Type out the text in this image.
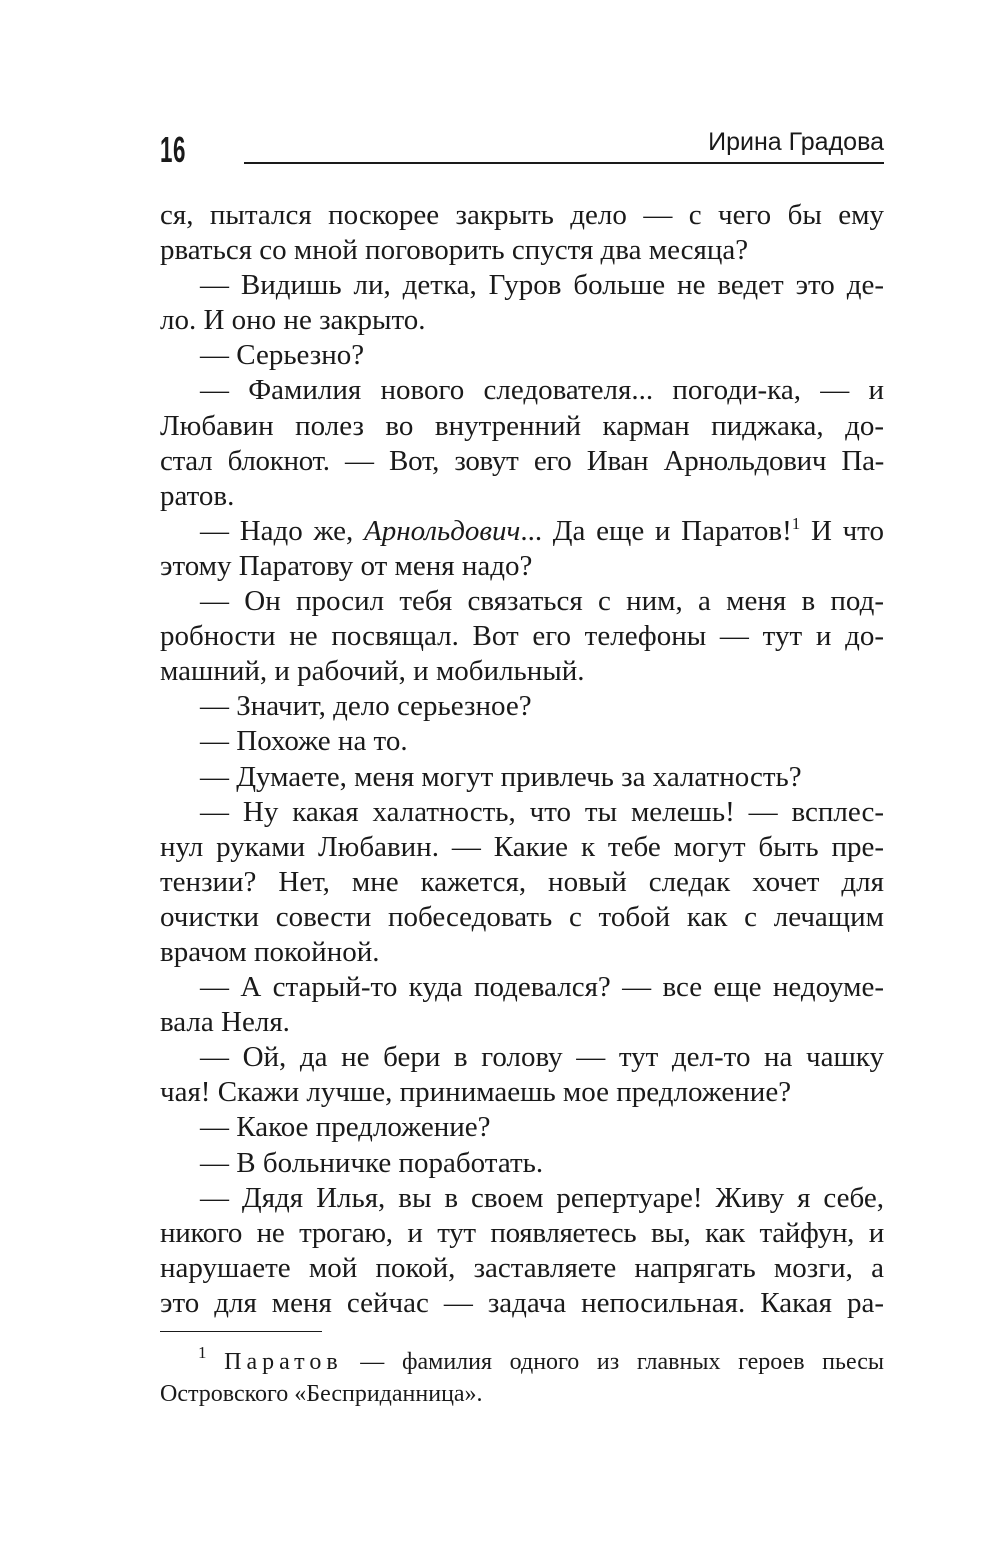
16	Ирина Градова

ся, пытался поскорее закрыть дело — с чего бы ему

рваться со мной поговорить спустя два месяца?

— Видишь ли, детка, Гуров больше не ведет это де-

ло. И оно не закрыто.

— Серьезно?

— Фамилия нового следователя... погоди-ка, — и

Любавин полез во внутренний карман пиджака, до-

стал блокнот. — Вот, зовут его Иван Арнольдович Па-

ратов.

— Надо же, Арнольдович... Да еще и Паратов!$^1$ И что

этому Паратову от меня надо?

— Он просил тебя связаться с ним, а меня в под-

робности не посвящал. Вот его телефоны — тут и до-

машний, и рабочий, и мобильный.

— Значит, дело серьезное?

— Похоже на то.

— Думаете, меня могут привлечь за халатность?

— Ну какая халатность, что ты мелешь! — всплес-

нул руками Любавин. — Какие к тебе могут быть пре-

тензии? Нет, мне кажется, новый следак хочет для

очистки совести побеседовать с тобой как с лечащим

врачом покойной.

— А старый-то куда подевался? — все еще недоуме-

вала Неля.

— Ой, да не бери в голову — тут дел-то на чашку

чая! Скажи лучше, принимаешь мое предложение?

— Какое предложение?

— В больничке поработать.

— Дядя Илья, вы в своем репертуаре! Живу я себе,

никого не трогаю, и тут появляетесь вы, как тайфун, и

нарушаете мой покой, заставляете напрягать мозги, а

это для меня сейчас — задача непосильная. Какая ра-

$^1$ Паратов — фамилия одного из главных героев пьесы

Островского «Бесприданница».
